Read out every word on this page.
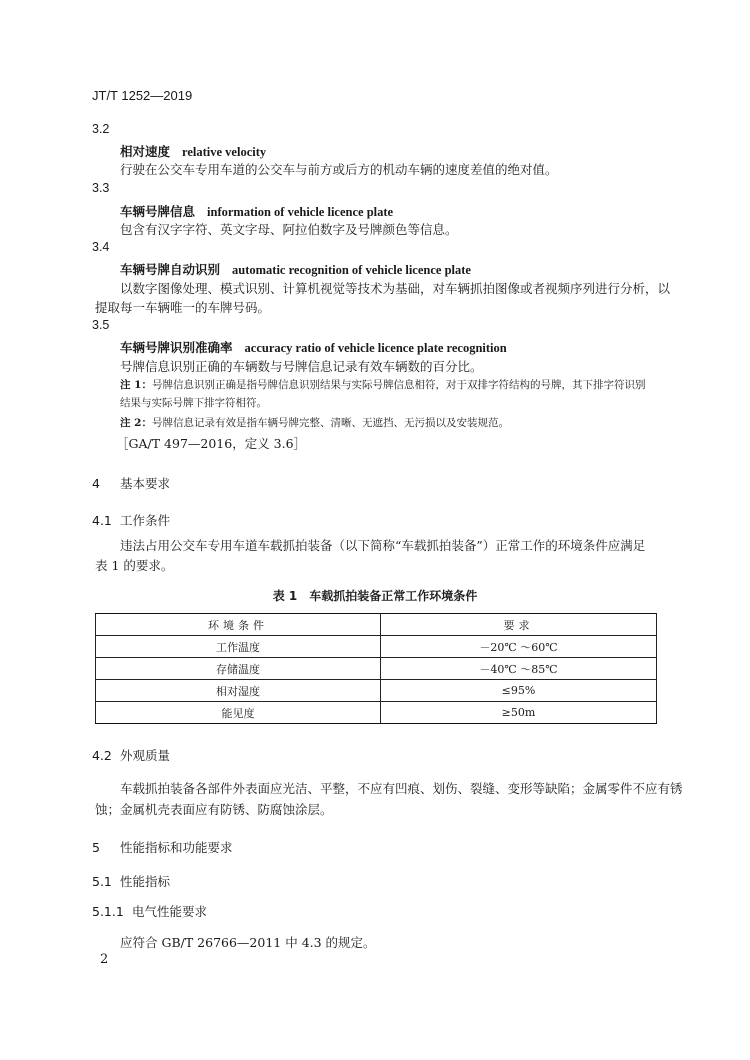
JT/T 1252—2019
3.2
相对速度 relative velocity
行驶在公交车专用车道的公交车与前方或后方的机动车辆的速度差值的绝对值。
3.3
车辆号牌信息 information of vehicle licence plate
包含有汉字字符、英文字母、阿拉伯数字及号牌颜色等信息。
3.4
车辆号牌自动识别 automatic recognition of vehicle licence plate
以数字图像处理、模式识别、计算机视觉等技术为基础，对车辆抓拍图像或者视频序列进行分析，以
提取每一车辆唯一的车牌号码。
3.5
车辆号牌识别准确率 accuracy ratio of vehicle licence plate recognition
号牌信息识别正确的车辆数与号牌信息记录有效车辆数的百分比。
注 1：号牌信息识别正确是指号牌信息识别结果与实际号牌信息相符，对于双排字符结构的号牌，其下排字符识别
结果与实际号牌下排字符相符。
注 2：号牌信息记录有效是指车辆号牌完整、清晰、无遮挡、无污损以及安装规范。
［GA/T 497—2016，定义 3.6］
4 基本要求
4.1 工作条件
违法占用公交车专用车道车载抓拍装备（以下简称“车载抓拍装备”）正常工作的环境条件应满足
表 1 的要求。
表 1　车载抓拍装备正常工作环境条件
环境条件	要求
工作温度	－20℃ ～60℃
存储温度	－40℃ ～85℃
相对湿度	≤95%
能见度	≥50m
4.2 外观质量
车载抓拍装备各部件外表面应光洁、平整，不应有凹痕、划伤、裂缝、变形等缺陷；金属零件不应有锈
蚀；金属机壳表面应有防锈、防腐蚀涂层。
5 性能指标和功能要求
5.1 性能指标
5.1.1 电气性能要求
应符合 GB/T 26766—2011 中 4.3 的规定。
2
